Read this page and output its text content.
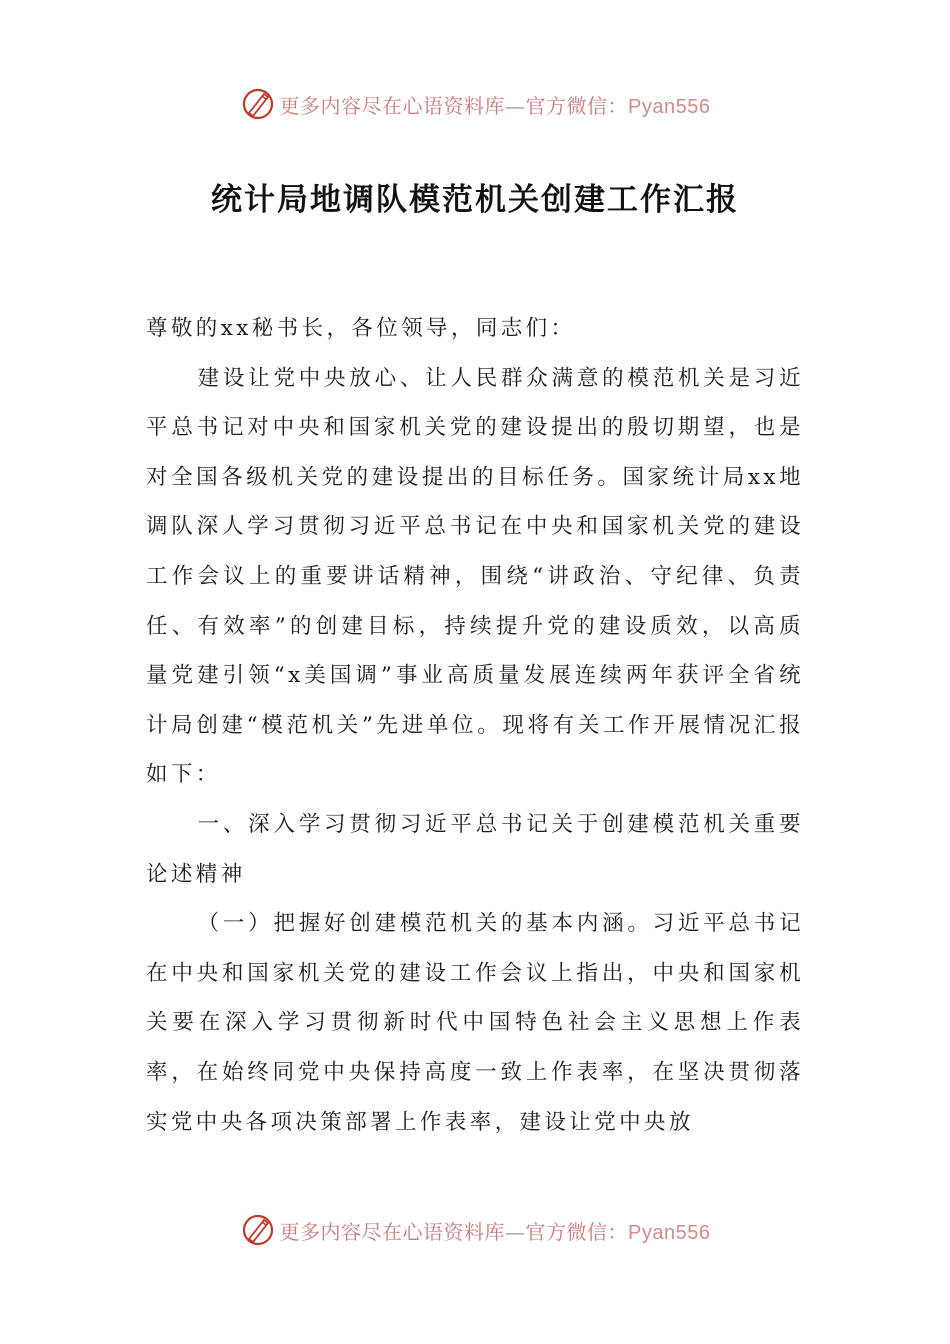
更多内容尽在心语资料库—官方微信：Pyan556
统计局地调队模范机关创建工作汇报

尊敬的xx秘书长，各位领导，同志们：

建设让党中央放心、让人民群众满意的模范机关是习近平总书记对中央和国家机关党的建设提出的殷切期望，也是对全国各级机关党的建设提出的目标任务。国家统计局xx地调队深人学习贯彻习近平总书记在中央和国家机关党的建设工作会议上的重要讲话精神，围绕“讲政治、守纪律、负责任、有效率”的创建目标，持续提升党的建设质效，以高质量党建引领“x美国调”事业高质量发展连续两年获评全省统计局创建“模范机关”先进单位。现将有关工作开展情况汇报如下：

一、深入学习贯彻习近平总书记关于创建模范机关重要论述精神

（一）把握好创建模范机关的基本内涵。习近平总书记在中央和国家机关党的建设工作会议上指出，中央和国家机关要在深入学习贯彻新时代中国特色社会主义思想上作表率，在始终同党中央保持高度一致上作表率，在坚决贯彻落实党中央各项决策部署上作表率，建设让党中央放

更多内容尽在心语资料库—官方微信：Pyan556
